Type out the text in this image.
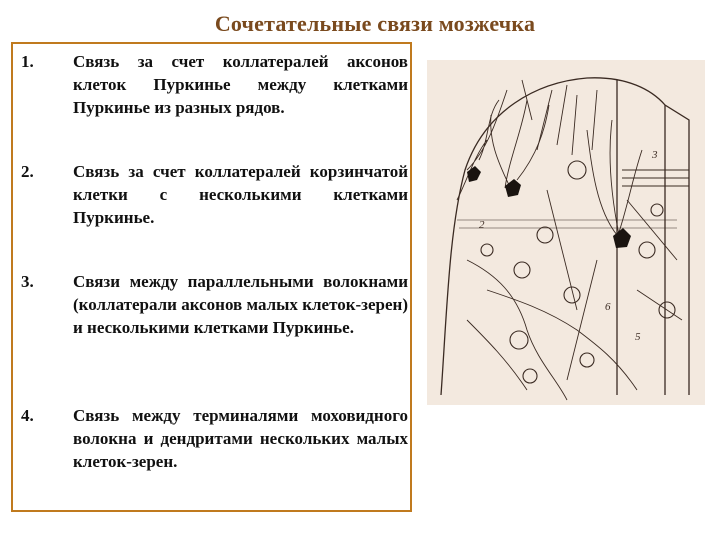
Сочетательные связи мозжечка
1.	Связь за счет коллатералей аксонов клеток Пуркинье между клетками Пуркинье из разных рядов.
2.	Связь за счет коллатералей корзинчатой клетки с несколькими клетками Пуркинье.
3.	Связи между параллельными волокнами (коллатерали аксонов малых клеток-зерен) и несколькими клетками Пуркинье.
4.	Связь между терминалями моховидного волокна и дендритами нескольких малых клеток-зерен.
2
5
6
3
